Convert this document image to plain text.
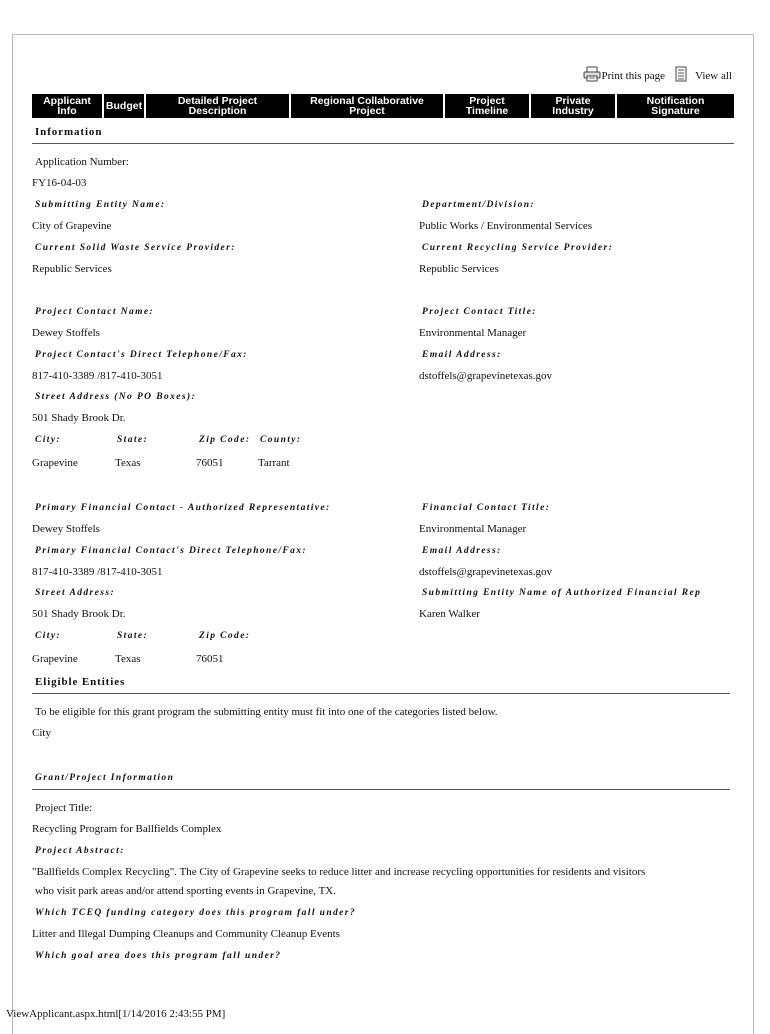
Print this page	View all
Applicant
Info	Budget	Detailed Project
Description
Regional Collaborative
Project
Project
Timeline
Private
Industry
Notification
Signature
Information
Application Number:
FY16-04-03
Submitting Entity Name:	Department/Division:
City of Grapevine	Public Works / Environmental Services
Current Solid Waste Service Provider:	Current Recycling Service Provider:
Republic Services	Republic Services
Project Contact Name:	Project Contact Title:
Dewey Stoffels	Environmental Manager
Project Contact's Direct Telephone/Fax:	Email Address:
817-410-3389 /817-410-3051	dstoffels@grapevinetexas.gov
Street Address (No PO Boxes):
501 Shady Brook Dr.
City:	State:	Zip Code: County:
Grapevine	Texas	76051	Tarrant
Primary Financial Contact - Authorized Representative:	Financial Contact Title:
Dewey Stoffels	Environmental Manager
Primary Financial Contact's Direct Telephone/Fax:	Email Address:
817-410-3389 /817-410-3051	dstoffels@grapevinetexas.gov
Street Address:	Submitting Entity Name of Authorized Financial Rep
501 Shady Brook Dr.	Karen Walker
City:	State:	Zip Code:
Grapevine	Texas	76051
Eligible Entities
To be eligible for this grant program the submitting entity must fit into one of the categories listed below.
City
Grant/Project Information
Project Title:
Recycling Program for Ballfields Complex
Project Abstract:
"Ballfields Complex Recycling". The City of Grapevine seeks to reduce litter and increase recycling opportunities for residents and visitors
who visit park areas and/or attend sporting events in Grapevine, TX.
Which TCEQ funding category does this program fall under?
Litter and Illegal Dumping Cleanups and Community Cleanup Events
Which goal area does this program fall under?
ViewApplicant.aspx.html[1/14/2016 2:43:55 PM]
